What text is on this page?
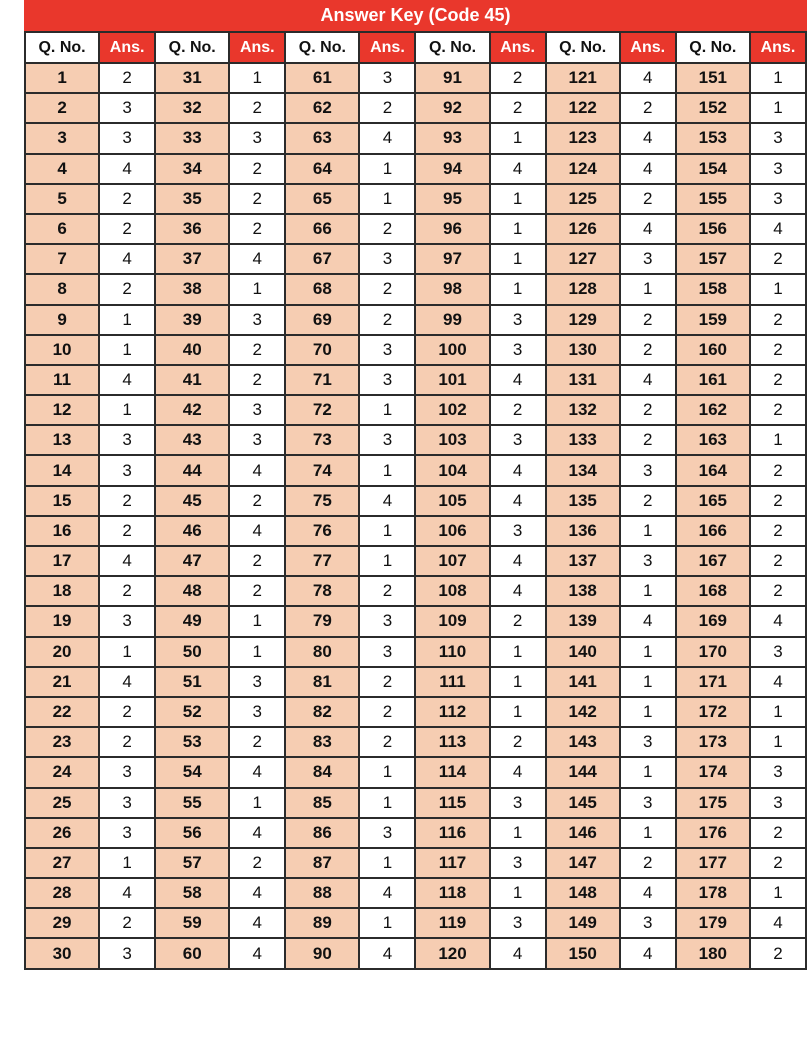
Answer Key (Code 45)
Q. No.	Ans.	Q. No.	Ans.	Q. No.	Ans.	Q. No.	Ans.	Q. No.	Ans.	Q. No.	Ans.
1	2	31	1	61	3	91	2	121	4	151	1
2	3	32	2	62	2	92	2	122	2	152	1
3	3	33	3	63	4	93	1	123	4	153	3
4	4	34	2	64	1	94	4	124	4	154	3
5	2	35	2	65	1	95	1	125	2	155	3
6	2	36	2	66	2	96	1	126	4	156	4
7	4	37	4	67	3	97	1	127	3	157	2
8	2	38	1	68	2	98	1	128	1	158	1
9	1	39	3	69	2	99	3	129	2	159	2
10	1	40	2	70	3	100	3	130	2	160	2
11	4	41	2	71	3	101	4	131	4	161	2
12	1	42	3	72	1	102	2	132	2	162	2
13	3	43	3	73	3	103	3	133	2	163	1
14	3	44	4	74	1	104	4	134	3	164	2
15	2	45	2	75	4	105	4	135	2	165	2
16	2	46	4	76	1	106	3	136	1	166	2
17	4	47	2	77	1	107	4	137	3	167	2
18	2	48	2	78	2	108	4	138	1	168	2
19	3	49	1	79	3	109	2	139	4	169	4
20	1	50	1	80	3	110	1	140	1	170	3
21	4	51	3	81	2	111	1	141	1	171	4
22	2	52	3	82	2	112	1	142	1	172	1
23	2	53	2	83	2	113	2	143	3	173	1
24	3	54	4	84	1	114	4	144	1	174	3
25	3	55	1	85	1	115	3	145	3	175	3
26	3	56	4	86	3	116	1	146	1	176	2
27	1	57	2	87	1	117	3	147	2	177	2
28	4	58	4	88	4	118	1	148	4	178	1
29	2	59	4	89	1	119	3	149	3	179	4
30	3	60	4	90	4	120	4	150	4	180	2
